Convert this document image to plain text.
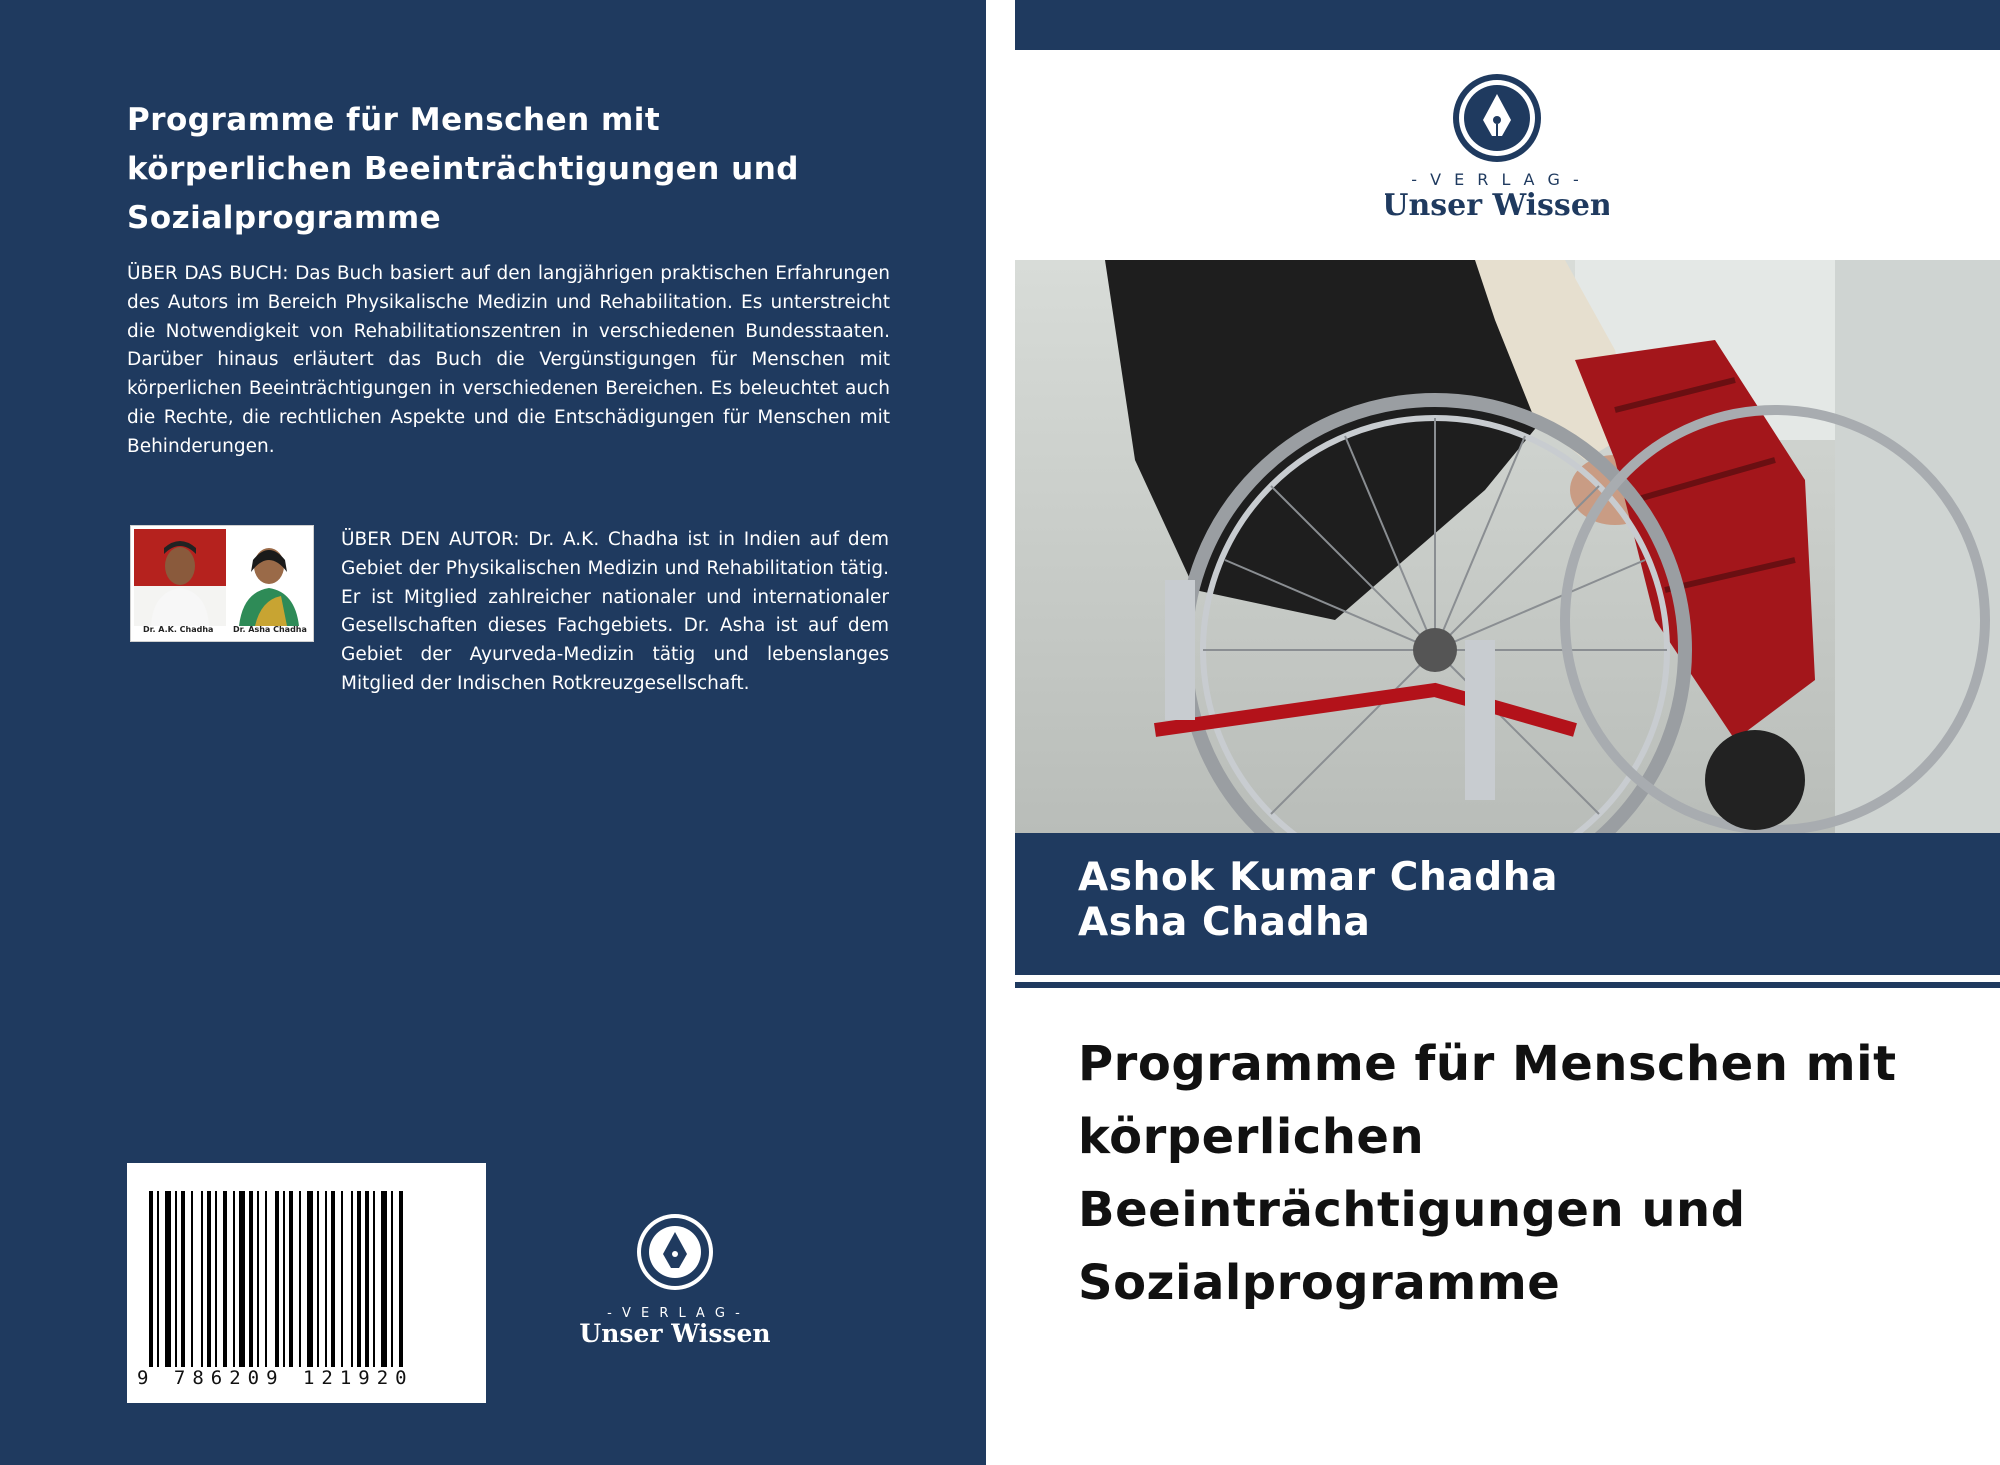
Programme für Menschen mit körperlichen Beeinträchtigungen und Sozialprogramme
ÜBER DAS BUCH: Das Buch basiert auf den langjährigen praktischen Erfahrungen des Autors im Bereich Physikalische Medizin und Rehabilitation. Es unterstreicht die Notwendigkeit von Rehabilitationszentren in verschiedenen Bundesstaaten. Darüber hinaus erläutert das Buch die Vergünstigungen für Menschen mit körperlichen Beeinträchtigungen in verschiedenen Bereichen. Es beleuchtet auch die Rechte, die rechtlichen Aspekte und die Entschädigungen für Menschen mit Behinderungen.
Dr. A.K. Chadha Dr. Asha Chadha
ÜBER DEN AUTOR: Dr. A.K. Chadha ist in Indien auf dem Gebiet der Physikalischen Medizin und Rehabilitation tätig. Er ist Mitglied zahlreicher nationaler und internationaler Gesellschaften dieses Fachgebiets. Dr. Asha ist auf dem Gebiet der Ayurveda-Medizin tätig und lebenslanges Mitglied der Indischen Rotkreuzgesellschaft.
9 786209 121920
- V E R L A G -
Unser Wissen
- V E R L A G -
Unser Wissen
Ashok Kumar Chadha
Asha Chadha
Programme für Menschen mit
körperlichen
Beeinträchtigungen und
Sozialprogramme
